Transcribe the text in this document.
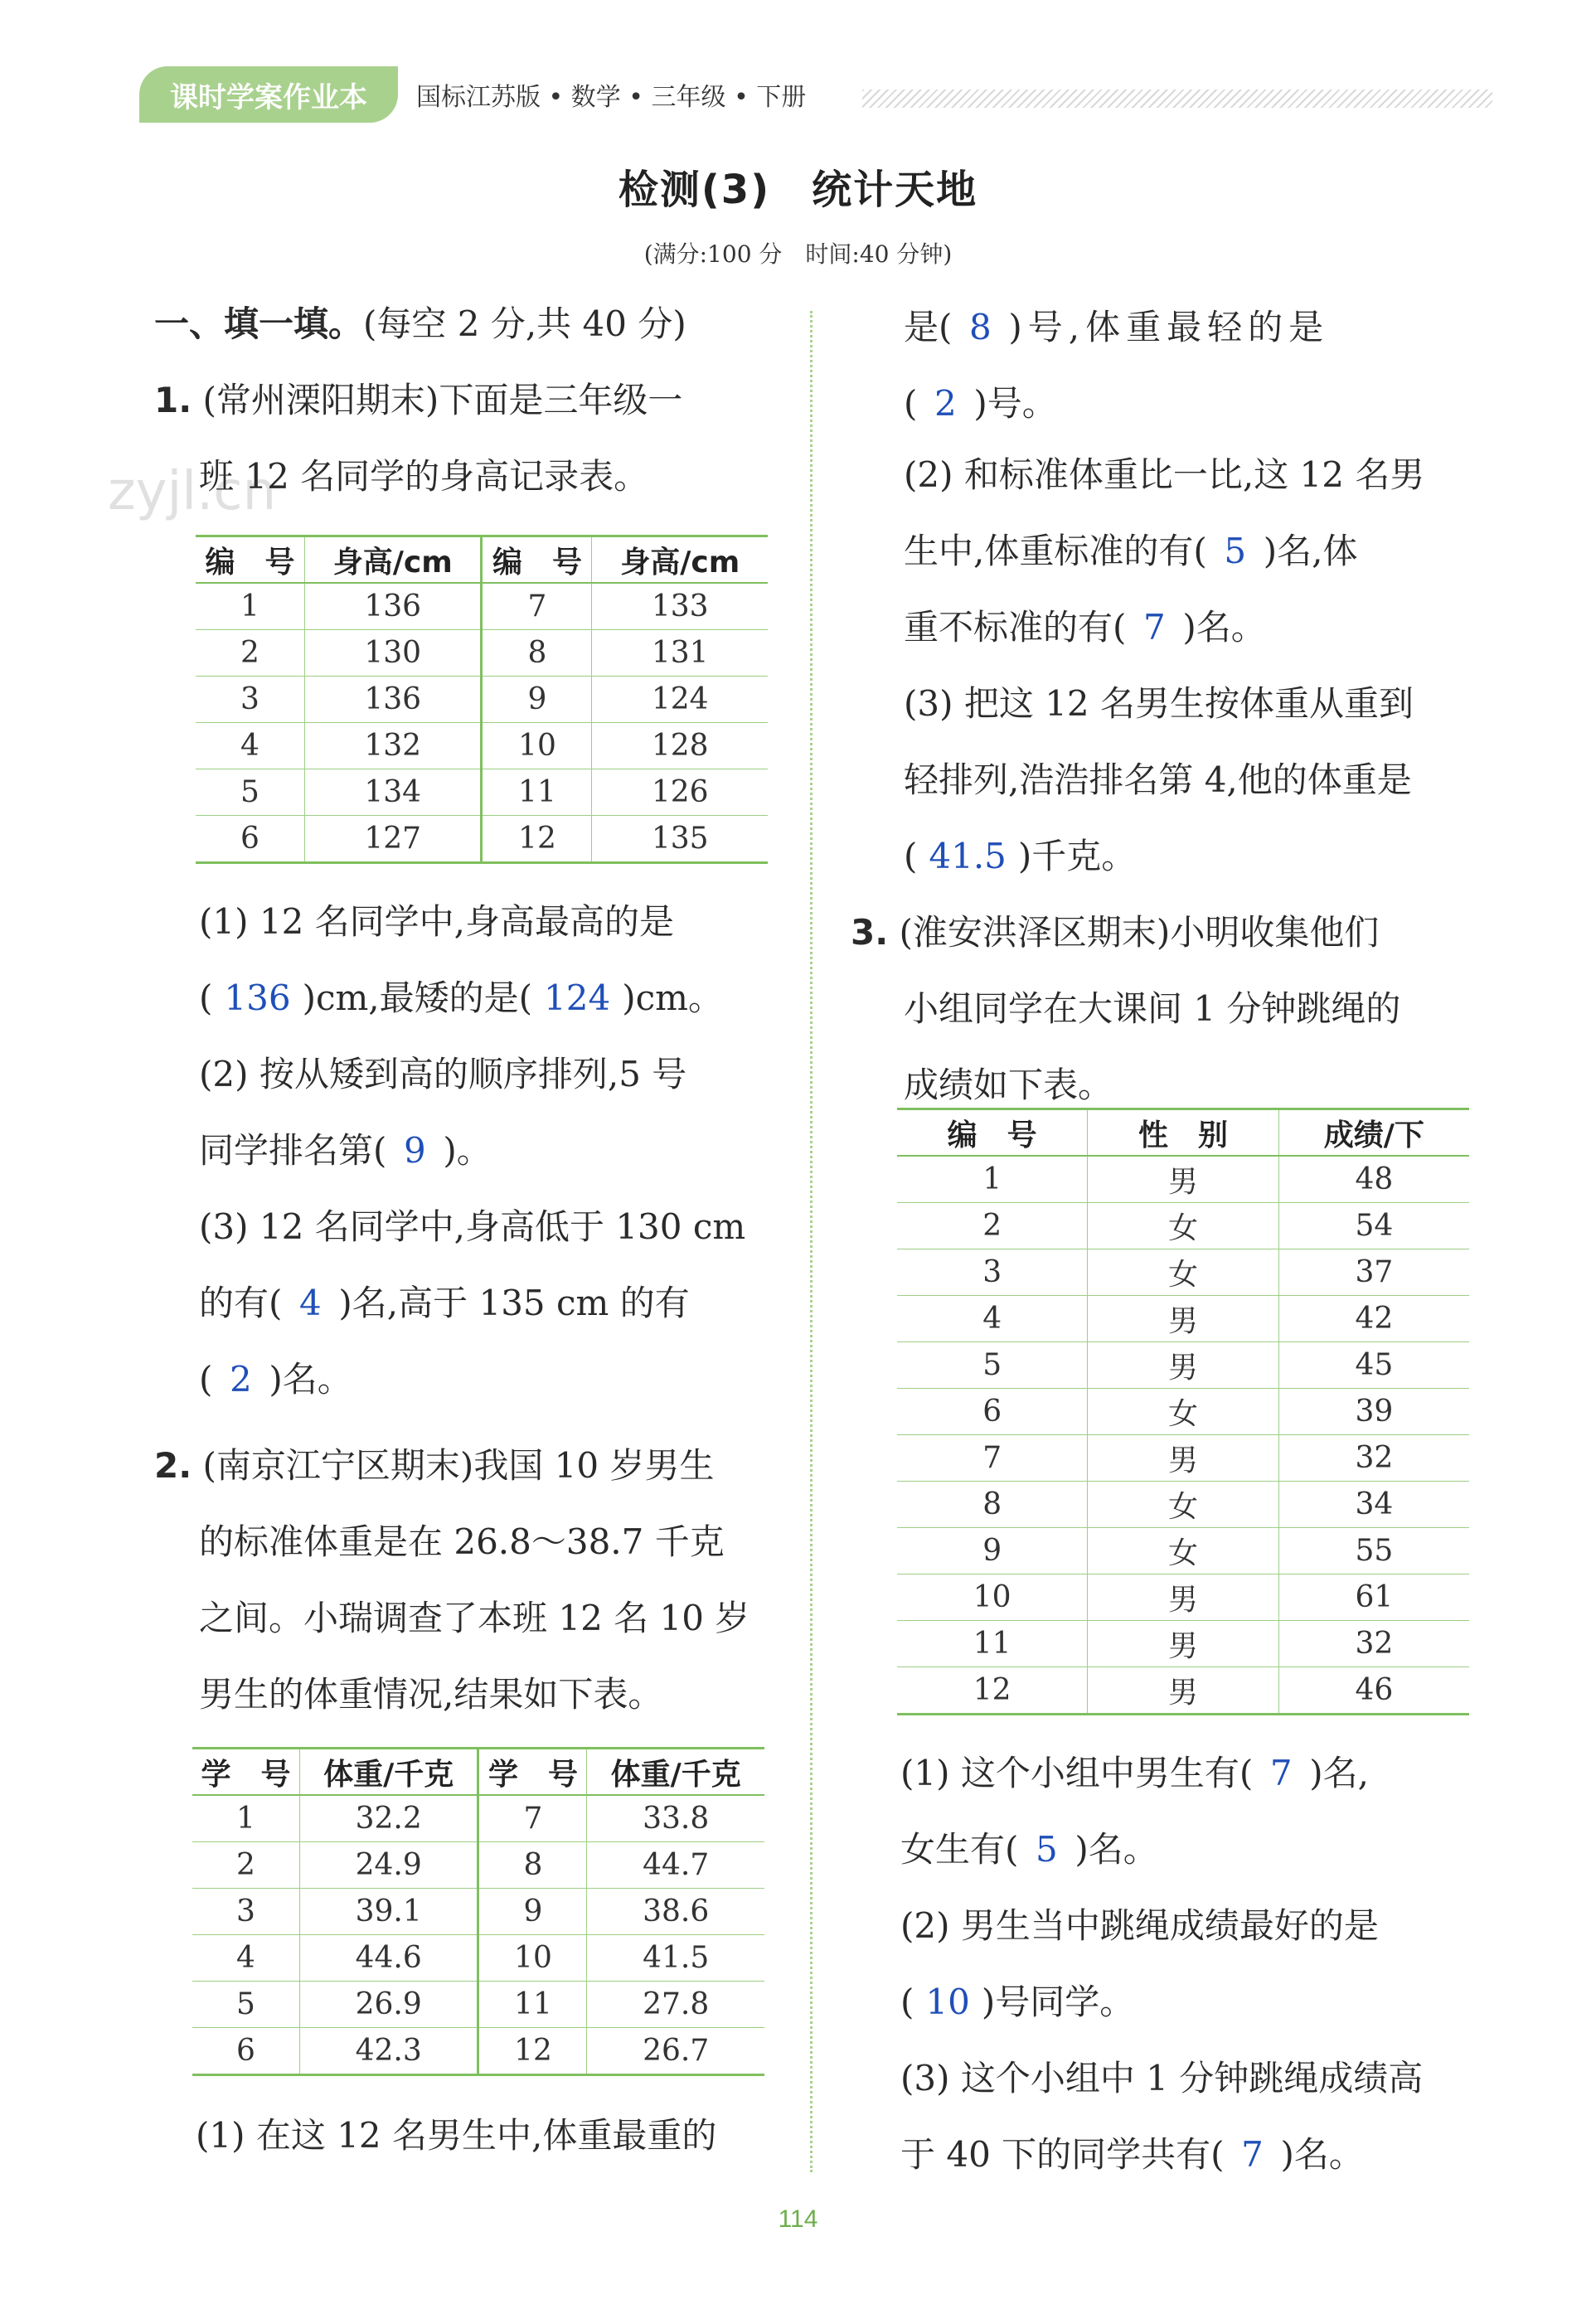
课时学案作业本	国标江苏版 • 数学 • 三年级 • 下册
检测(3)　统计天地
(满分:100 分　时间:40 分钟)
zyjl.cn
一、填一填。(每空 2 分,共 40 分)
1. (常州溧阳期末)下面是三年级一
班 12 名同学的身高记录表。
编　号	身高/cm	编　号	身高/cm
1	136	7	133
2	130	8	131
3	136	9	124
4	132	10	128
5	134	11	126
6	127	12	135
(1) 12 名同学中,身高最高的是
( 136 )cm,最矮的是( 124 )cm。
(2) 按从矮到高的顺序排列,5 号
同学排名第( 9 )。
(3) 12 名同学中,身高低于 130 cm
的有( 4 )名,高于 135 cm 的有
( 2 )名。
2. (南京江宁区期末)我国 10 岁男生
的标准体重是在 26.8～38.7 千克
之间。小瑞调查了本班 12 名 10 岁
男生的体重情况,结果如下表。
学　号	体重/千克	学　号	体重/千克
1	32.2	7	33.8
2	24.9	8	44.7
3	39.1	9	38.6
4	44.6	10	41.5
5	26.9	11	27.8
6	42.3	12	26.7
(1) 在这 12 名男生中,体重最重的
是( 8 )号,体重最轻的是
( 2 )号。
(2) 和标准体重比一比,这 12 名男
生中,体重标准的有( 5 )名,体
重不标准的有( 7 )名。
(3) 把这 12 名男生按体重从重到
轻排列,浩浩排名第 4,他的体重是
( 41.5 )千克。
3. (淮安洪泽区期末)小明收集他们
小组同学在大课间 1 分钟跳绳的
成绩如下表。
编　号	性　别	成绩/下
1	男	48
2	女	54
3	女	37
4	男	42
5	男	45
6	女	39
7	男	32
8	女	34
9	女	55
10	男	61
11	男	32
12	男	46
(1) 这个小组中男生有( 7 )名,
女生有( 5 )名。
(2) 男生当中跳绳成绩最好的是
( 10 )号同学。
(3) 这个小组中 1 分钟跳绳成绩高
于 40 下的同学共有( 7 )名。
114
